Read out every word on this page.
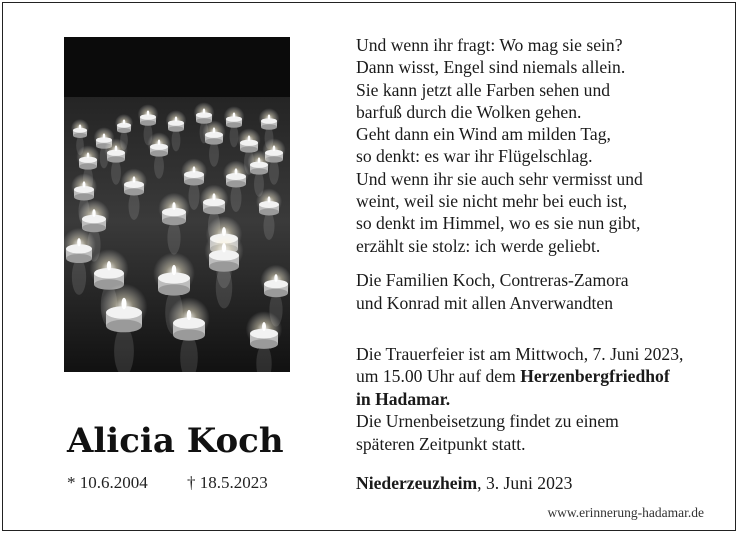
Alicia Koch
* 10.6.2004 † 18.5.2023
Und wenn ihr fragt: Wo mag sie sein?
Dann wisst, Engel sind niemals allein.
Sie kann jetzt alle Farben sehen und
barfuß durch die Wolken gehen.
Geht dann ein Wind am milden Tag,
so denkt: es war ihr Flügelschlag.
Und wenn ihr sie auch sehr vermisst und
weint, weil sie nicht mehr bei euch ist,
so denkt im Himmel, wo es sie nun gibt,
erzählt sie stolz: ich werde geliebt.
Die Familien Koch, Contreras-Zamora
und Konrad mit allen Anverwandten
Die Trauerfeier ist am Mittwoch, 7. Juni 2023,
um 15.00 Uhr auf dem Herzenbergfriedhof
in Hadamar.
Die Urnenbeisetzung findet zu einem
späteren Zeitpunkt statt.
Niederzeuzheim, 3. Juni 2023
www.erinnerung-hadamar.de
